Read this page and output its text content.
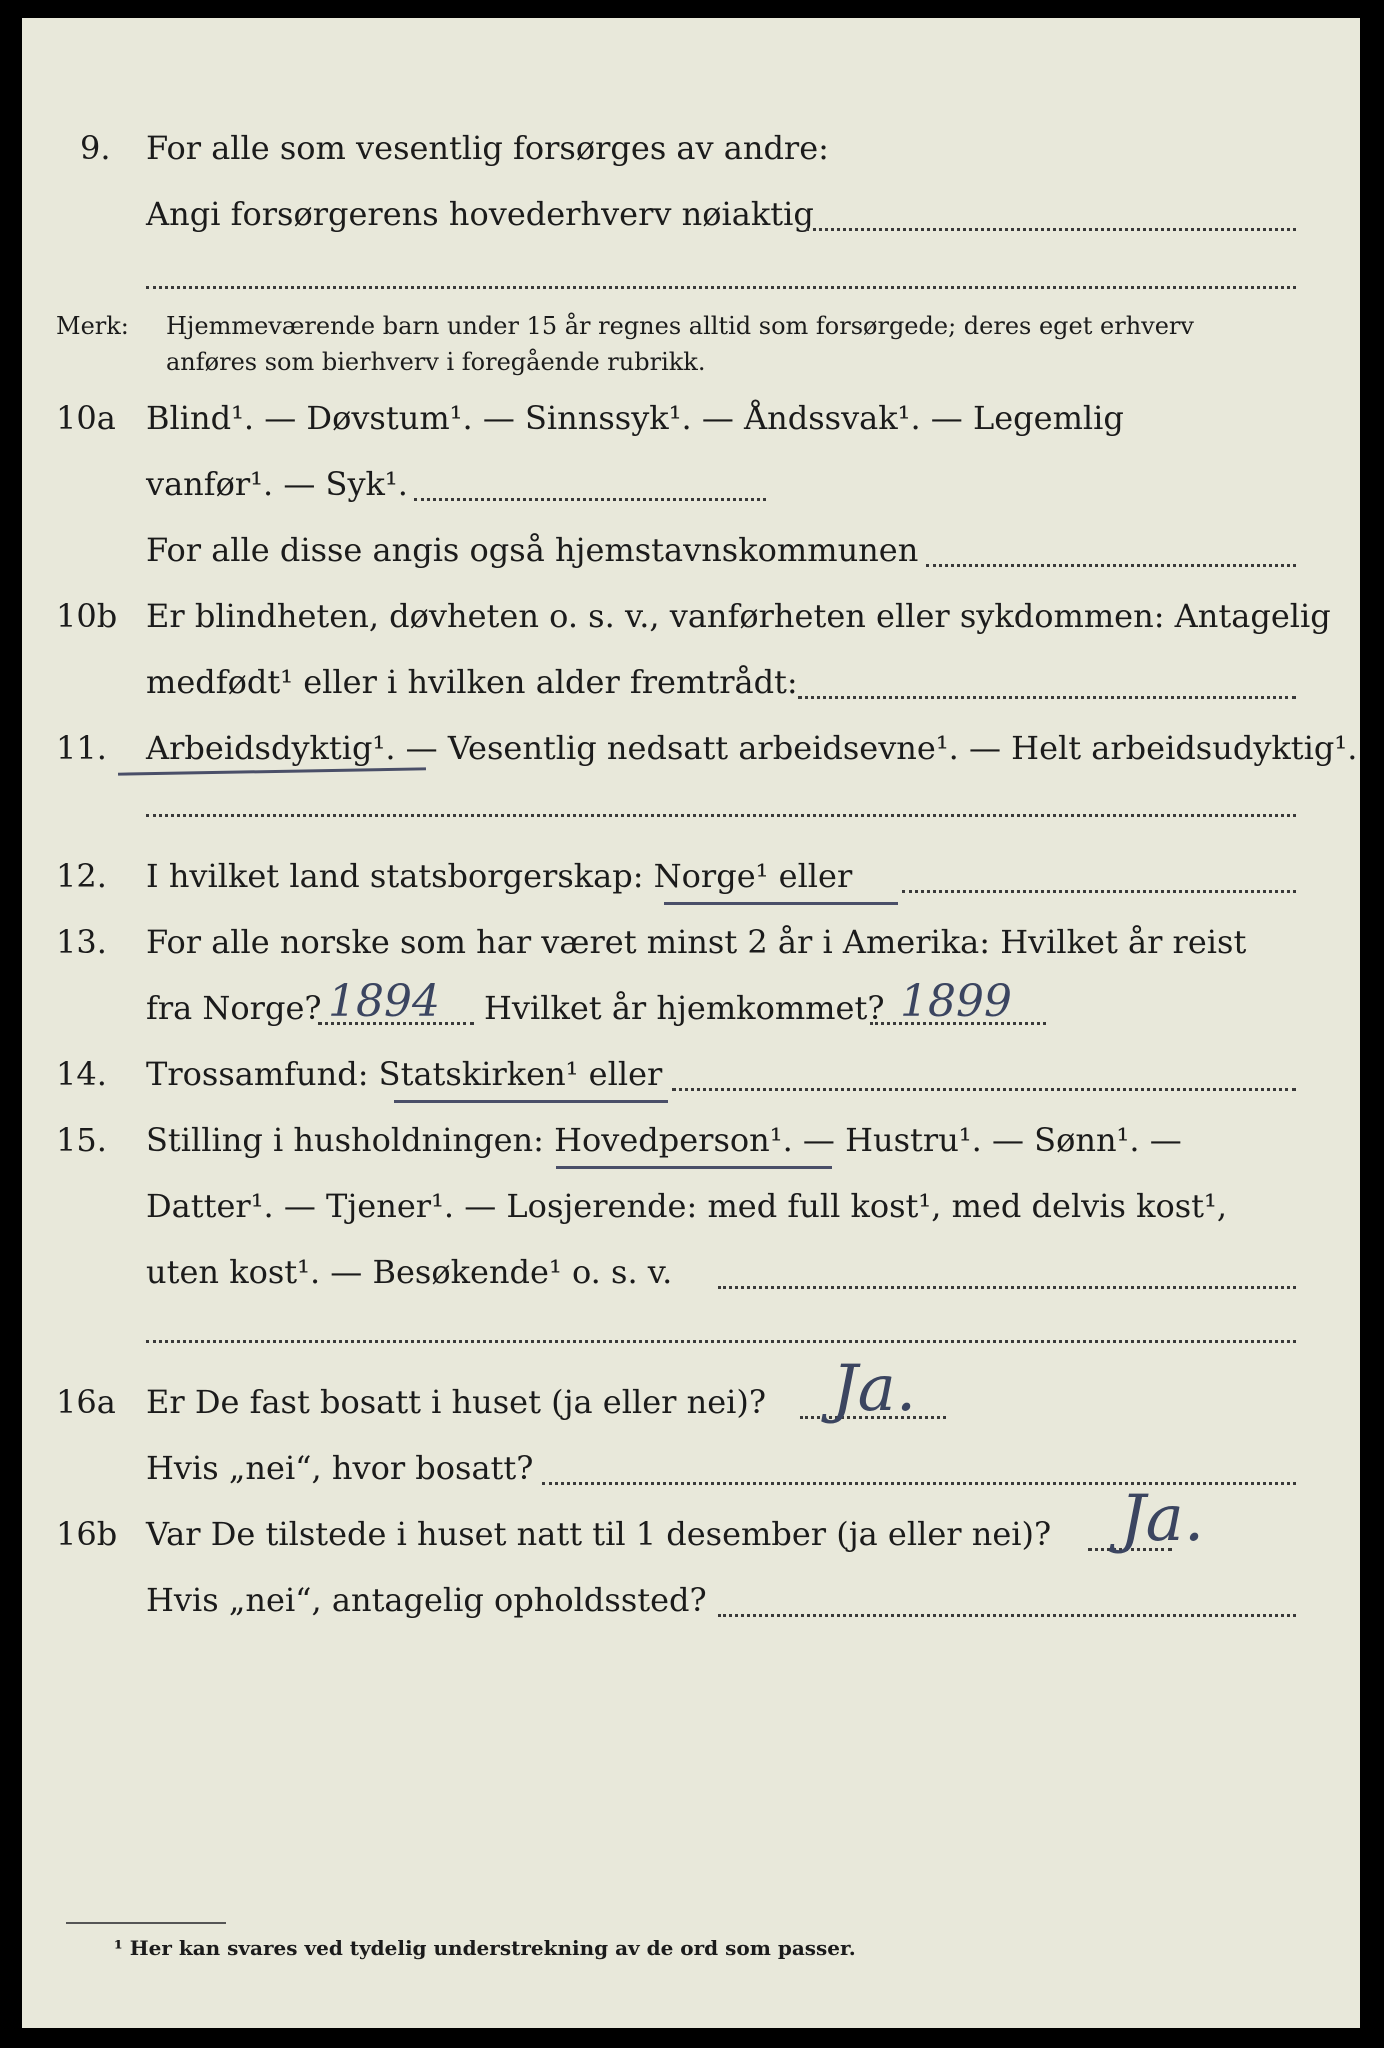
9. For alle som vesentlig forsørges av andre:
Angi forsørgerens hovederhverv nøiaktig
Merk: Hjemmeværende barn under 15 år regnes alltid som forsørgede; deres eget erhverv
anføres som bierhverv i foregående rubrikk.
10a Blind¹. — Døvstum¹. — Sinnssyk¹. — Åndssvak¹. — Legemlig
vanfør¹. — Syk¹.
For alle disse angis også hjemstavnskommunen
10b Er blindheten, døvheten o. s. v., vanførheten eller sykdommen: Antagelig
medfødt¹ eller i hvilken alder fremtrådt:
11. Arbeidsdyktig¹. — Vesentlig nedsatt arbeidsevne¹. — Helt arbeidsudyktig¹.
12. I hvilket land statsborgerskap: Norge¹ eller
13. For alle norske som har været minst 2 år i Amerika: Hvilket år reist
fra Norge? 1894 Hvilket år hjemkommet? 1899
14. Trossamfund: Statskirken¹ eller
15. Stilling i husholdningen: Hovedperson¹. — Hustru¹. — Sønn¹. —
Datter¹. — Tjener¹. — Losjerende: med full kost¹, med delvis kost¹,
uten kost¹. — Besøkende¹ o. s. v.
16a Er De fast bosatt i huset (ja eller nei)? Ja.
Hvis „nei“, hvor bosatt?
16b Var De tilstede i huset natt til 1 desember (ja eller nei)? Ja.
Hvis „nei“, antagelig opholdssted?
¹ Her kan svares ved tydelig understrekning av de ord som passer.
